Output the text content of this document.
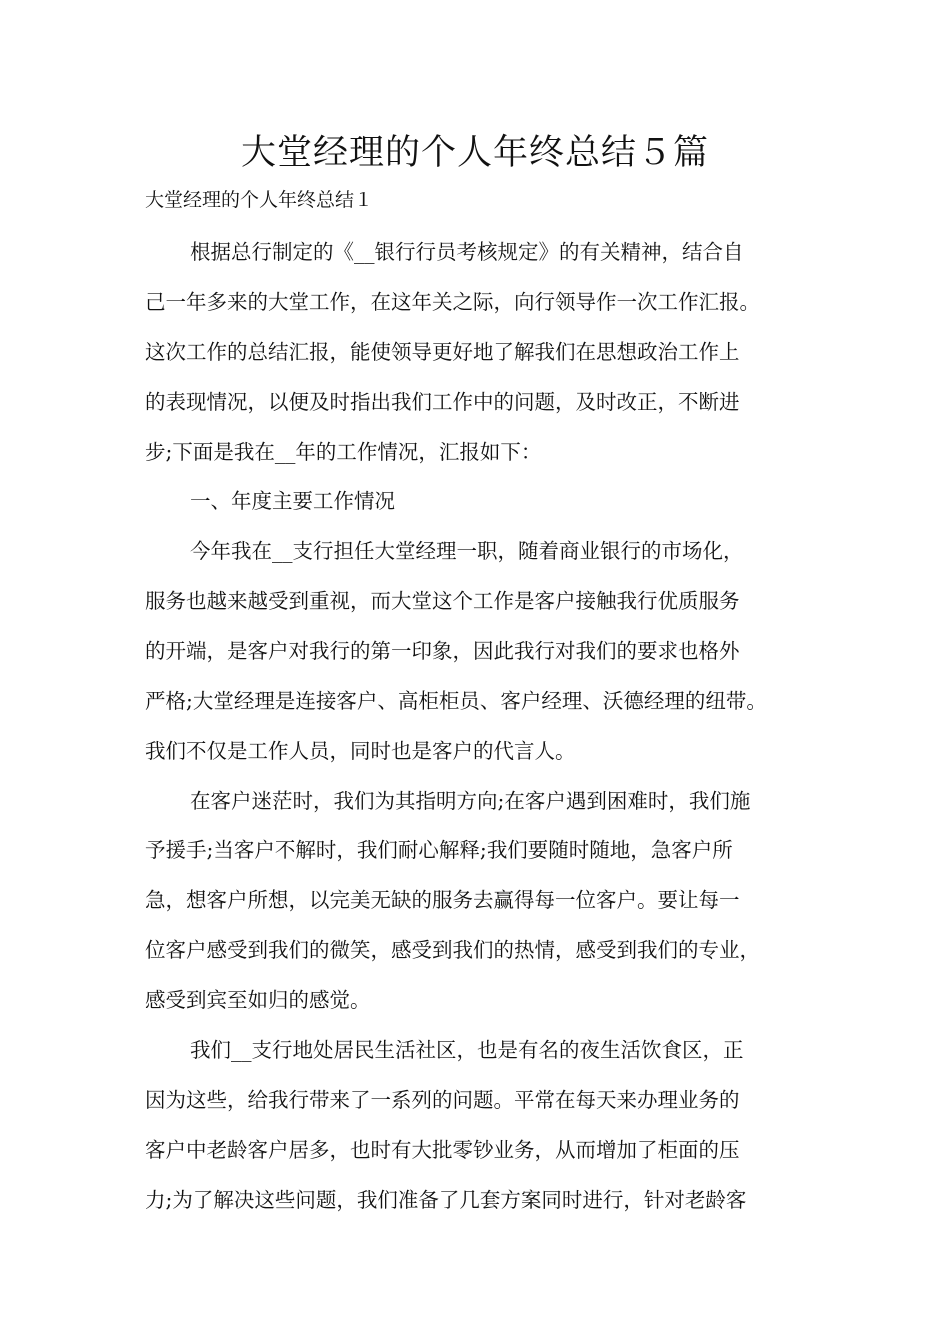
大堂经理的个人年终总结５篇

大堂经理的个人年终总结１

根据总行制定的《__银行行员考核规定》的有关精神，结合自

己一年多来的大堂工作，在这年关之际，向行领导作一次工作汇报。

这次工作的总结汇报，能使领导更好地了解我们在思想政治工作上

的表现情况，以便及时指出我们工作中的问题，及时改正，不断进

步;下面是我在__年的工作情况，汇报如下：

一、年度主要工作情况

今年我在__支行担任大堂经理一职，随着商业银行的市场化，

服务也越来越受到重视，而大堂这个工作是客户接触我行优质服务

的开端，是客户对我行的第一印象，因此我行对我们的要求也格外

严格;大堂经理是连接客户、高柜柜员、客户经理、沃德经理的纽带。

我们不仅是工作人员，同时也是客户的代言人。

在客户迷茫时，我们为其指明方向;在客户遇到困难时，我们施

予援手;当客户不解时，我们耐心解释;我们要随时随地，急客户所

急，想客户所想，以完美无缺的服务去赢得每一位客户。要让每一

位客户感受到我们的微笑，感受到我们的热情，感受到我们的专业，

感受到宾至如归的感觉。

我们__支行地处居民生活社区，也是有名的夜生活饮食区，正

因为这些，给我行带来了一系列的问题。平常在每天来办理业务的

客户中老龄客户居多，也时有大批零钞业务，从而增加了柜面的压

力;为了解决这些问题，我们准备了几套方案同时进行，针对老龄客
